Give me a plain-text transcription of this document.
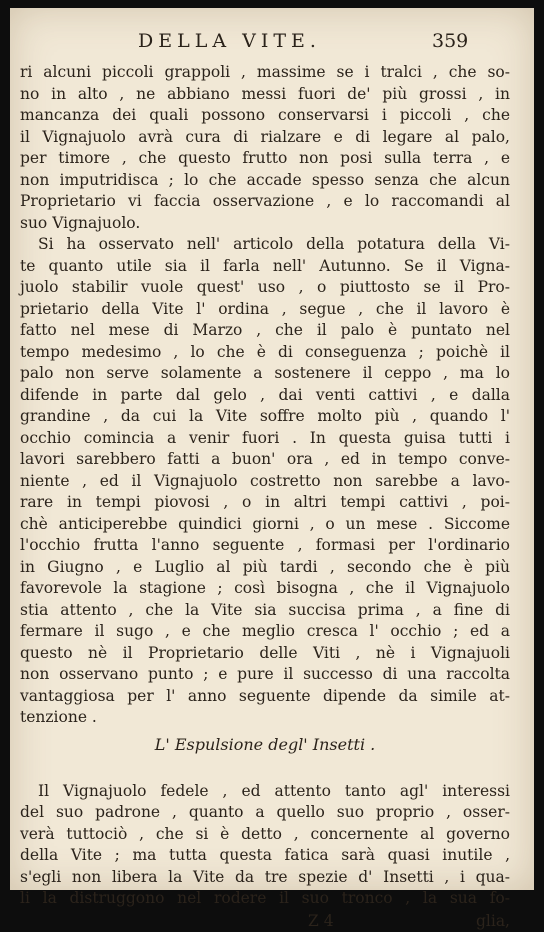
DELLA VITE.	359
ri alcuni piccoli grappoli , massime se i tralci , che so-
no in alto , ne abbiano messi fuori de' più grossi , in
mancanza dei quali possono conservarsi i piccoli , che
il Vignajuolo avrà cura di rialzare e di legare al palo,
per timore , che questo frutto non posi sulla terra , e
non imputridisca ; lo che accade spesso senza che alcun
Proprietario vi faccia osservazione , e lo raccomandi al
suo Vignajuolo.
Si ha osservato nell' articolo della potatura della Vi-
te quanto utile sia il farla nell' Autunno. Se il Vigna-
juolo stabilir vuole quest' uso , o piuttosto se il Pro-
prietario della Vite l' ordina , segue , che il lavoro è
fatto nel mese di Marzo , che il palo è puntato nel
tempo medesimo , lo che è di conseguenza ; poichè il
palo non serve solamente a sostenere il ceppo , ma lo
difende in parte dal gelo , dai venti cattivi , e dalla
grandine , da cui la Vite soffre molto più , quando l'
occhio comincia a venir fuori . In questa guisa tutti i
lavori sarebbero fatti a buon' ora , ed in tempo conve-
niente , ed il Vignajuolo costretto non sarebbe a lavo-
rare in tempi piovosi , o in altri tempi cattivi , poi-
chè anticiperebbe quindici giorni , o un mese . Siccome
l'occhio frutta l'anno seguente , formasi per l'ordinario
in Giugno , e Luglio al più tardi , secondo che è più
favorevole la stagione ; così bisogna , che il Vignajuolo
stia attento , che la Vite sia succisa prima , a fine di
fermare il sugo , e che meglio cresca l' occhio ; ed a
questo nè il Proprietario delle Viti , nè i Vignajuoli
non osservano punto ; e pure il successo di una raccolta
vantaggiosa per l' anno seguente dipende da simile at-
tenzione .
L' Espulsione degl' Insetti .
Il Vignajuolo fedele , ed attento tanto agl' interessi
del suo padrone , quanto a quello suo proprio , osser-
verà tuttociò , che si è detto , concernente al governo
della Vite ; ma tutta questa fatica sarà quasi inutile ,
s'egli non libera la Vite da tre spezie d' Insetti , i qua-
li la distruggono nel rodere il suo tronco , la sua fo-
Z 4	glia,
